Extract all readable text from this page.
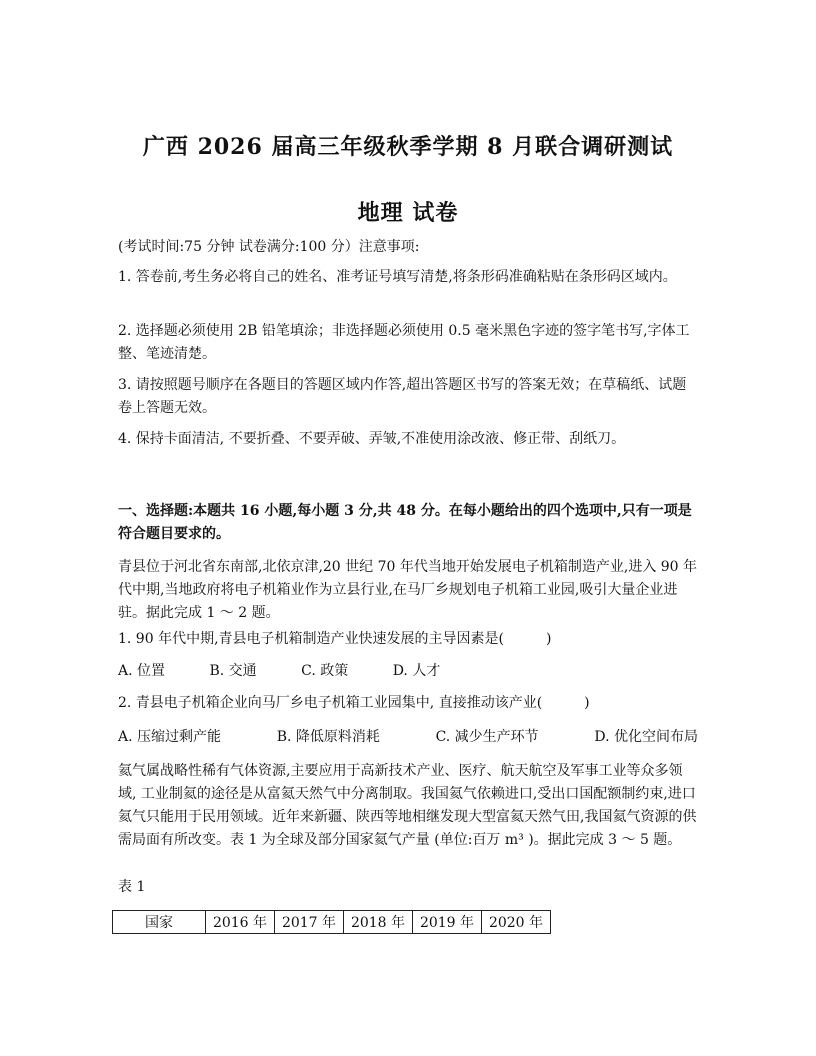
广西 2026 届高三年级秋季学期 8 月联合调研测试
地理 试卷

(考试时间:75 分钟 试卷满分:100 分）注意事项:

1. 答卷前,考生务必将自己的姓名、准考证号填写清楚,将条形码准确粘贴在条形码区域内。

2. 选择题必须使用 2B 铅笔填涂；非选择题必须使用 0.5 毫米黑色字迹的签字笔书写,字体工整、笔迹清楚。

3. 请按照题号顺序在各题目的答题区域内作答,超出答题区书写的答案无效；在草稿纸、试题卷上答题无效。

4. 保持卡面清洁, 不要折叠、不要弄破、弄皱,不准使用涂改液、修正带、刮纸刀。

一、选择题:本题共 16 小题,每小题 3 分,共 48 分。在每小题给出的四个选项中,只有一项是符合题目要求的。

青县位于河北省东南部,北依京津,20 世纪 70 年代当地开始发展电子机箱制造产业,进入 90 年代中期,当地政府将电子机箱业作为立县行业,在马厂乡规划电子机箱工业园,吸引大量企业进驻。据此完成 1 ～ 2 题。

1. 90 年代中期,青县电子机箱制造产业快速发展的主导因素是(　　　)

A. 位置	B. 交通	C. 政策	D. 人才

2. 青县电子机箱企业向马厂乡电子机箱工业园集中, 直接推动该产业(　　　)

A. 压缩过剩产能	B. 降低原料消耗	C. 减少生产环节	D. 优化空间布局

氦气属战略性稀有气体资源,主要应用于高新技术产业、医疗、航天航空及军事工业等众多领域, 工业制氦的途径是从富氦天然气中分离制取。我国氦气依赖进口,受出口国配额制约束,进口氦气只能用于民用领域。近年来新疆、陕西等地相继发现大型富氦天然气田,我国氦气资源的供需局面有所改变。表 1 为全球及部分国家氦气产量 (单位:百万 m³ )。据此完成 3 ～ 5 题。

表 1

国家	2016 年	2017 年	2018 年	2019 年	2020 年
